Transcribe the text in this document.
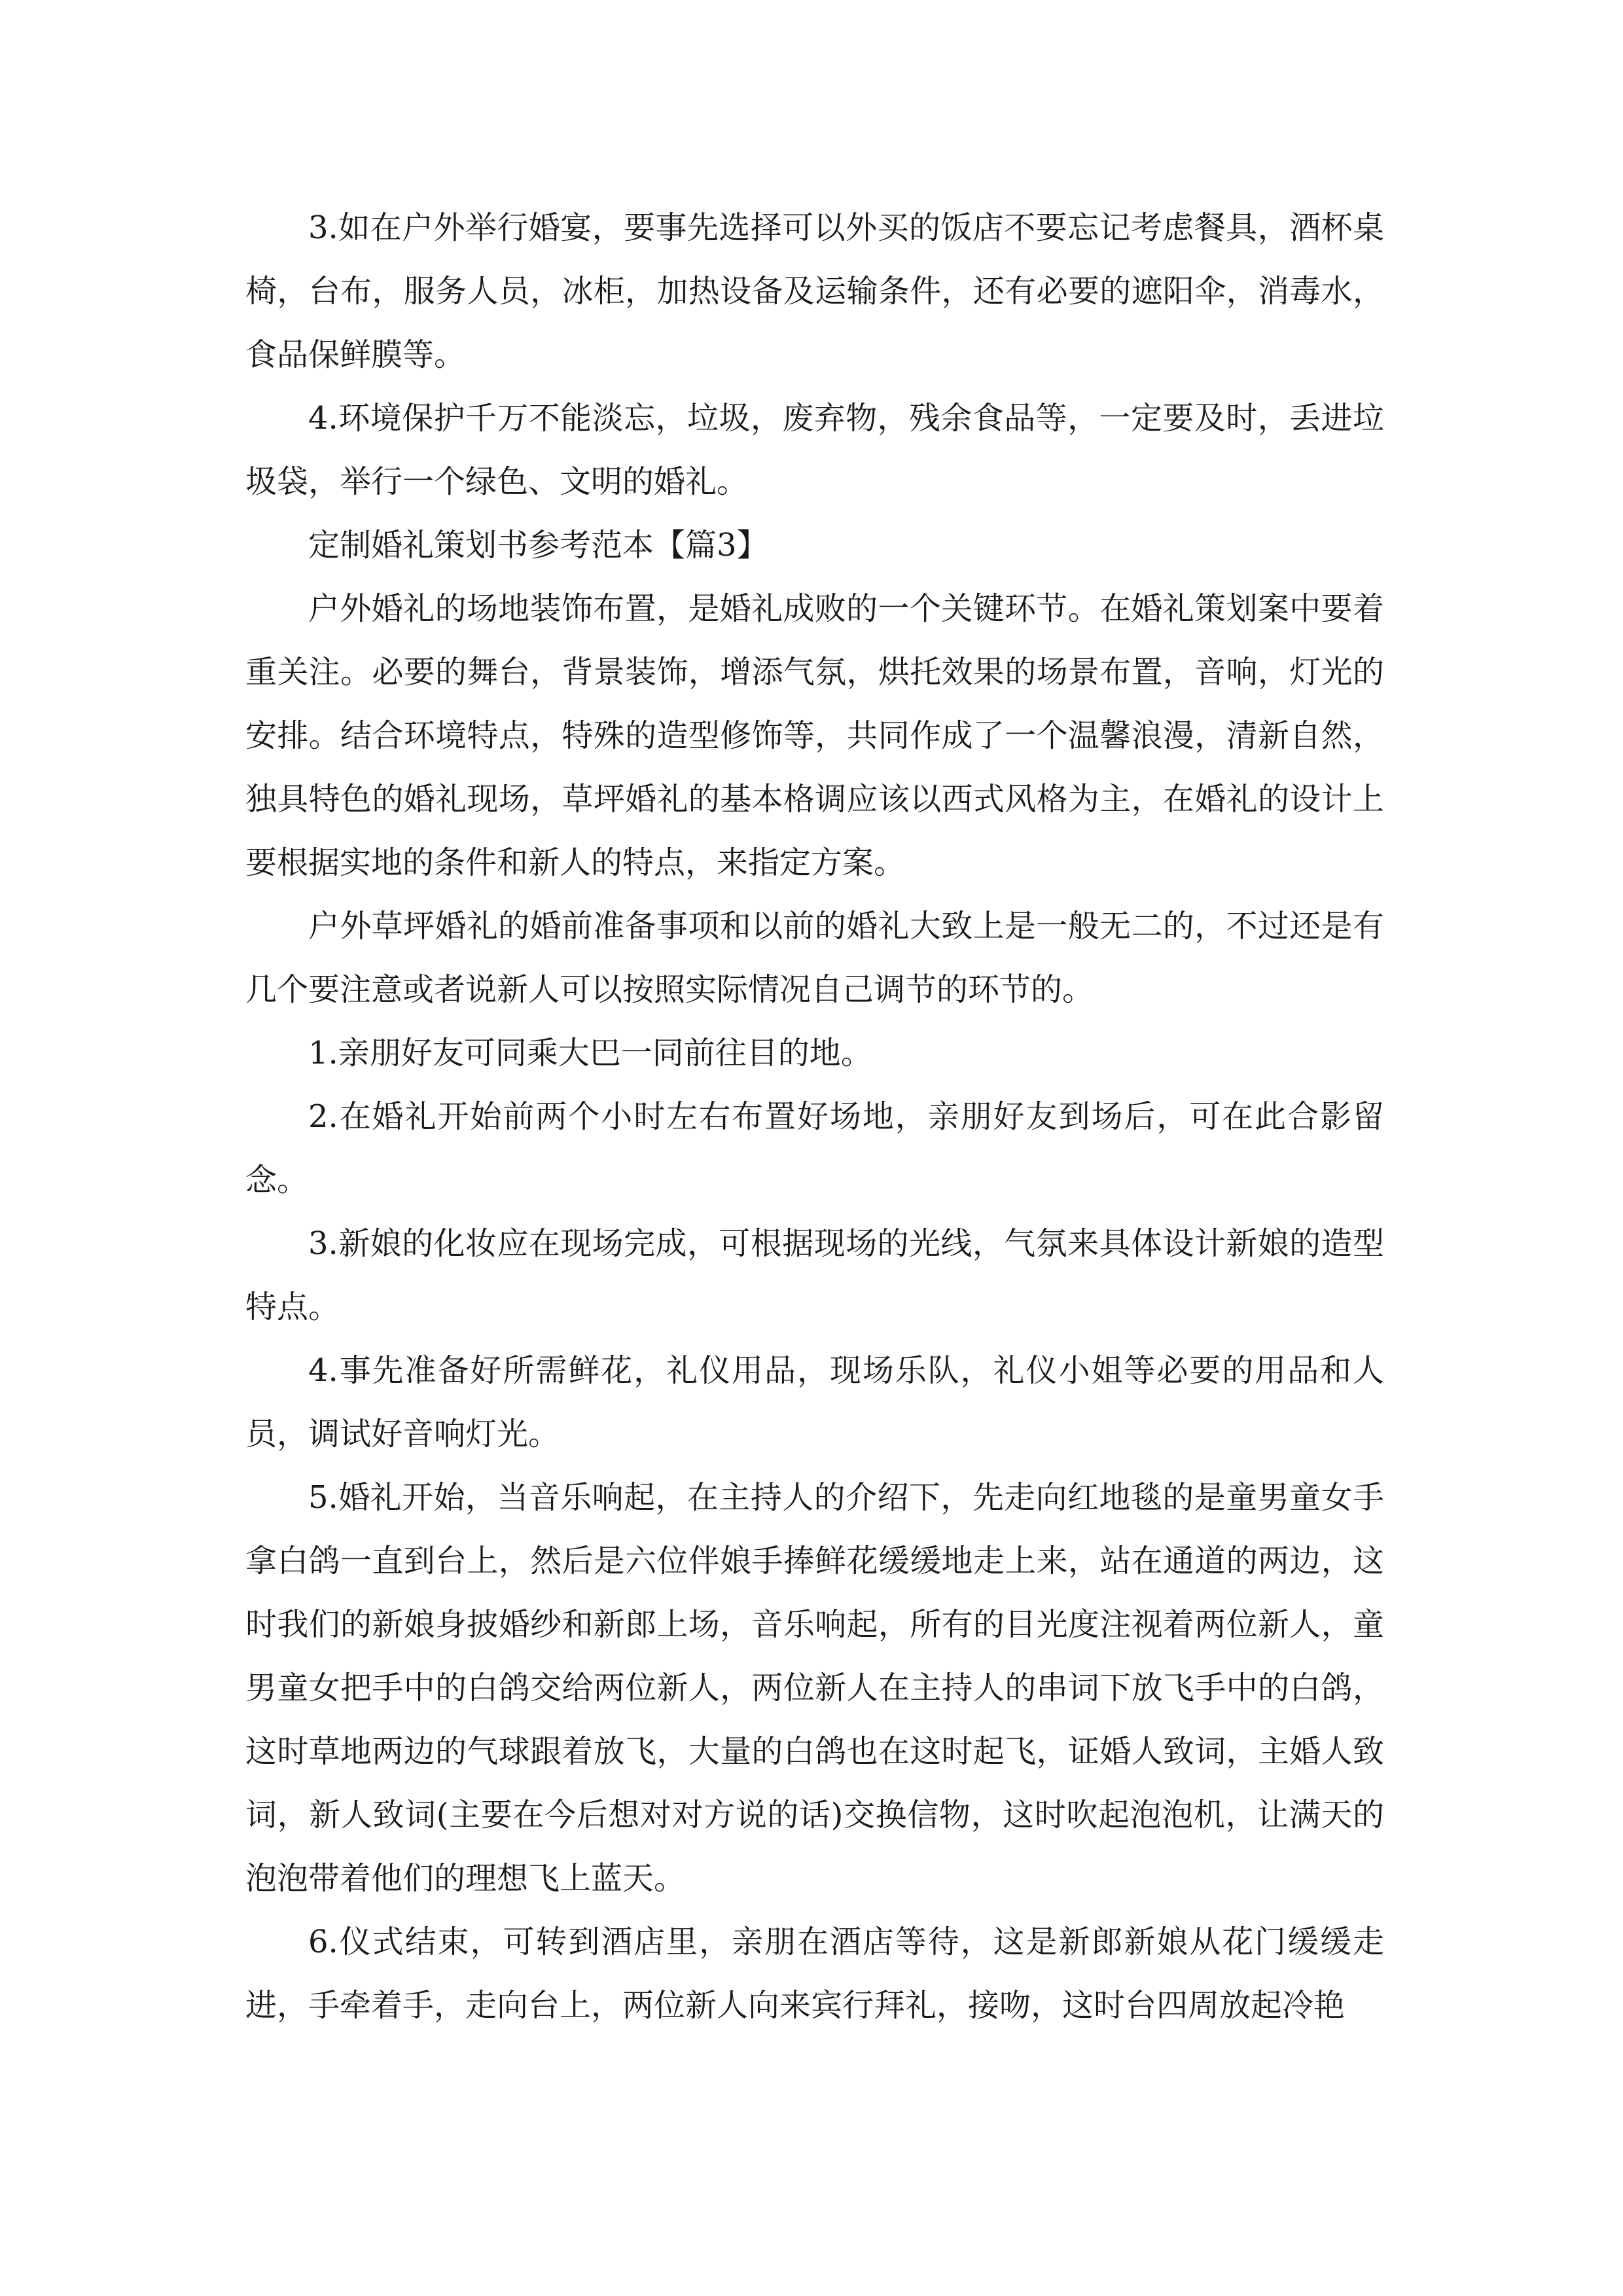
3.如在户外举行婚宴，要事先选择可以外买的饭店不要忘记考虑餐具，酒杯桌椅，台布，服务人员，冰柜，加热设备及运输条件，还有必要的遮阳伞，消毒水，食品保鲜膜等。

4.环境保护千万不能淡忘，垃圾，废弃物，残余食品等，一定要及时，丢进垃圾袋，举行一个绿色、文明的婚礼。

定制婚礼策划书参考范本【篇3】

户外婚礼的场地装饰布置，是婚礼成败的一个关键环节。在婚礼策划案中要着重关注。必要的舞台，背景装饰，增添气氛，烘托效果的场景布置，音响，灯光的安排。结合环境特点，特殊的造型修饰等，共同作成了一个温馨浪漫，清新自然，独具特色的婚礼现场，草坪婚礼的基本格调应该以西式风格为主，在婚礼的设计上要根据实地的条件和新人的特点，来指定方案。

户外草坪婚礼的婚前准备事项和以前的婚礼大致上是一般无二的，不过还是有几个要注意或者说新人可以按照实际情况自己调节的环节的。

1.亲朋好友可同乘大巴一同前往目的地。

2.在婚礼开始前两个小时左右布置好场地，亲朋好友到场后，可在此合影留念。

3.新娘的化妆应在现场完成，可根据现场的光线，气氛来具体设计新娘的造型特点。

4.事先准备好所需鲜花，礼仪用品，现场乐队，礼仪小姐等必要的用品和人员，调试好音响灯光。

5.婚礼开始，当音乐响起，在主持人的介绍下，先走向红地毯的是童男童女手拿白鸽一直到台上，然后是六位伴娘手捧鲜花缓缓地走上来，站在通道的两边，这时我们的新娘身披婚纱和新郎上场，音乐响起，所有的目光度注视着两位新人，童男童女把手中的白鸽交给两位新人，两位新人在主持人的串词下放飞手中的白鸽，这时草地两边的气球跟着放飞，大量的白鸽也在这时起飞，证婚人致词，主婚人致词，新人致词(主要在今后想对对方说的话)交换信物，这时吹起泡泡机，让满天的泡泡带着他们的理想飞上蓝天。

6.仪式结束，可转到酒店里，亲朋在酒店等待，这是新郎新娘从花门缓缓走进，手牵着手，走向台上，两位新人向来宾行拜礼，接吻，这时台四周放起冷艳
